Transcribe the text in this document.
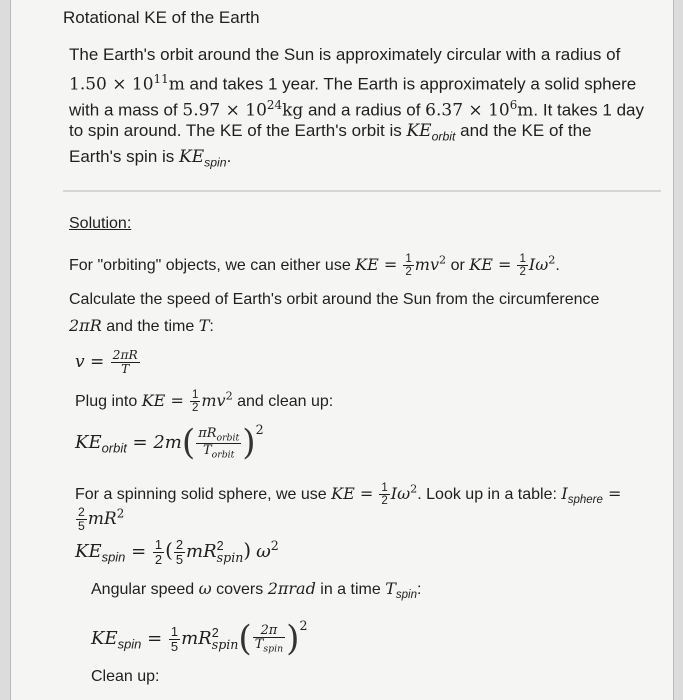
Rotational KE of the Earth
The Earth's orbit around the Sun is approximately circular with a radius of
$1.50 \times 10^{11}m$ and takes 1 year. The Earth is approximately a solid sphere
with a mass of $5.97 \times 10^{24}kg$ and a radius of $6.37 \times 10^6m$. It takes 1 day
to spin around. The KE of the Earth's orbit is $KE_{orbit}$ and the KE of the
Earth's spin is $KE_{spin}$.
Solution:
For "orbiting" objects, we can either use KE = $\frac{1}{2} mv^2$ or KE = $\frac{1}{2} I\omega^2$.
Calculate the speed of Earth's orbit around the Sun from the circumference
2πR and the time T:
$v = \frac{2\pi R}{T}$
Plug into KE = $\frac{1}{2} mv^2$ and clean up:
$KE_{orbit} = 2m( \frac{\pi R_{orbit}}{T_{orbit}} )^2$
For a spinning solid sphere, we use KE = $\frac{1}{2} I\omega^2$. Look up in a table: $I_{sphere}$ =
$\frac{2}{5} mR^2$
$KE_{spin} = \frac{1}{2}$ ( $\frac{2}{5}$ mR 2
spin ) $\omega^2$
Angular speed ω covers 2πrad in a time $T_{spin}$:
$KE_{spin} = \frac{1}{5}$ mR 2
spin ( $\frac{2\pi}{T_{spin}} )^2$
Clean up:
